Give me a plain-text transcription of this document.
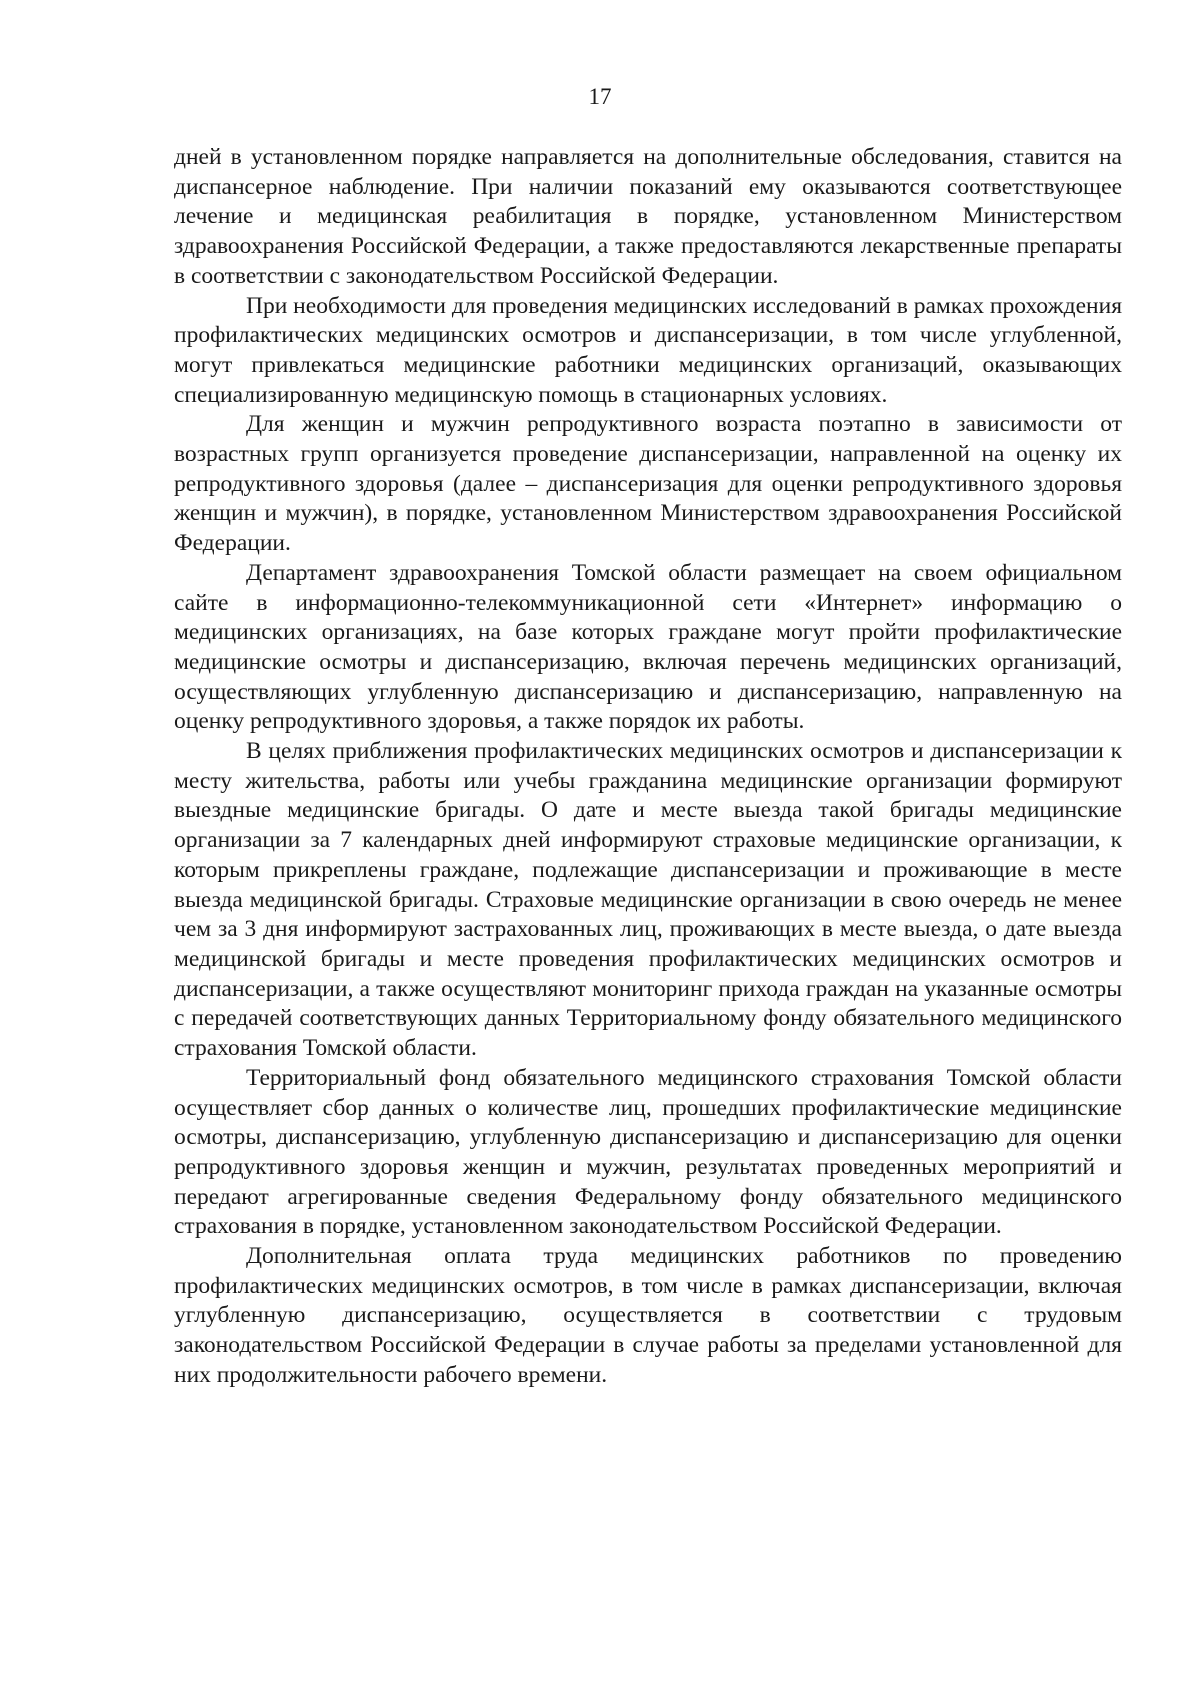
17

дней в установленном порядке направляется на дополнительные обследования, ставится на диспансерное наблюдение. При наличии показаний ему оказываются соответствующее лечение и медицинская реабилитация в порядке, установленном Министерством здравоохранения Российской Федерации, а также предоставляются лекарственные препараты в соответствии с законодательством Российской Федерации.

При необходимости для проведения медицинских исследований в рамках прохождения профилактических медицинских осмотров и диспансеризации, в том числе углубленной, могут привлекаться медицинские работники медицинских организаций, оказывающих специализированную медицинскую помощь в стационарных условиях.

Для женщин и мужчин репродуктивного возраста поэтапно в зависимости от возрастных групп организуется проведение диспансеризации, направленной на оценку их репродуктивного здоровья (далее – диспансеризация для оценки репродуктивного здоровья женщин и мужчин), в порядке, установленном Министерством здравоохранения Российской Федерации.

Департамент здравоохранения Томской области размещает на своем официальном сайте в информационно-телекоммуникационной сети «Интернет» информацию о медицинских организациях, на базе которых граждане могут пройти профилактические медицинские осмотры и диспансеризацию, включая перечень медицинских организаций, осуществляющих углубленную диспансеризацию и диспансеризацию, направленную на оценку репродуктивного здоровья, а также порядок их работы.

В целях приближения профилактических медицинских осмотров и диспансеризации к месту жительства, работы или учебы гражданина медицинские организации формируют выездные медицинские бригады. О дате и месте выезда такой бригады медицинские организации за 7 календарных дней информируют страховые медицинские организации, к которым прикреплены граждане, подлежащие диспансеризации и проживающие в месте выезда медицинской бригады. Страховые медицинские организации в свою очередь не менее чем за 3 дня информируют застрахованных лиц, проживающих в месте выезда, о дате выезда медицинской бригады и месте проведения профилактических медицинских осмотров и диспансеризации, а также осуществляют мониторинг прихода граждан на указанные осмотры с передачей соответствующих данных Территориальному фонду обязательного медицинского страхования Томской области.

Территориальный фонд обязательного медицинского страхования Томской области осуществляет сбор данных о количестве лиц, прошедших профилактические медицинские осмотры, диспансеризацию, углубленную диспансеризацию и диспансеризацию для оценки репродуктивного здоровья женщин и мужчин, результатах проведенных мероприятий и передают агрегированные сведения Федеральному фонду обязательного медицинского страхования в порядке, установленном законодательством Российской Федерации.

Дополнительная оплата труда медицинских работников по проведению профилактических медицинских осмотров, в том числе в рамках диспансеризации, включая углубленную диспансеризацию, осуществляется в соответствии с трудовым законодательством Российской Федерации в случае работы за пределами установленной для них продолжительности рабочего времени.
